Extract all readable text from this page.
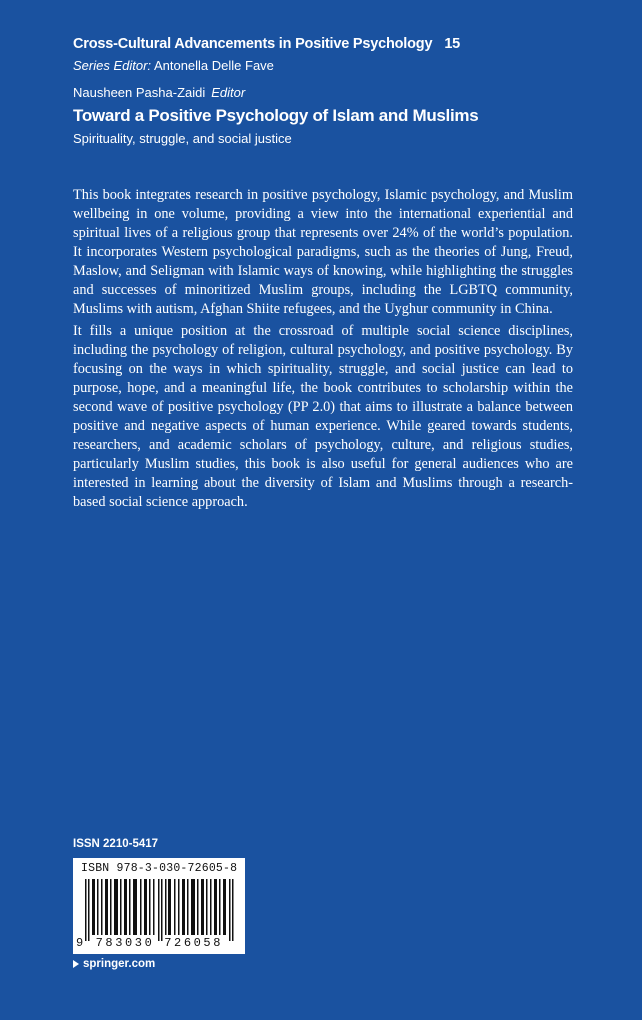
Cross-Cultural Advancements in Positive Psychology 15
Series Editor: Antonella Delle Fave
Nausheen Pasha-Zaidi Editor
Toward a Positive Psychology of Islam and Muslims
Spirituality, struggle, and social justice

This book integrates research in positive psychology, Islamic psychology, and Muslim wellbeing in one volume, providing a view into the international experiential and spiritual lives of a religious group that represents over 24% of the world’s population. It incorporates Western psychological paradigms, such as the theories of Jung, Freud, Maslow, and Seligman with Islamic ways of knowing, while highlighting the struggles and successes of minoritized Muslim groups, including the LGBTQ community, Muslims with autism, Afghan Shiite refugees, and the Uyghur community in China.

It fills a unique position at the crossroad of multiple social science disciplines, including the psychology of religion, cultural psychology, and positive psychology. By focusing on the ways in which spirituality, struggle, and social justice can lead to purpose, hope, and a meaningful life, the book contributes to scholarship within the second wave of positive psychology (PP 2.0) that aims to illustrate a balance between positive and negative aspects of human experience. While geared towards students, researchers, and academic scholars of psychology, culture, and religious studies, particularly Muslim studies, this book is also useful for general audiences who are interested in learning about the diversity of Islam and Muslims through a research-based social science approach.

ISSN 2210-5417
ISBN 978-3-030-72605-8
9 783030 726058
springer.com
